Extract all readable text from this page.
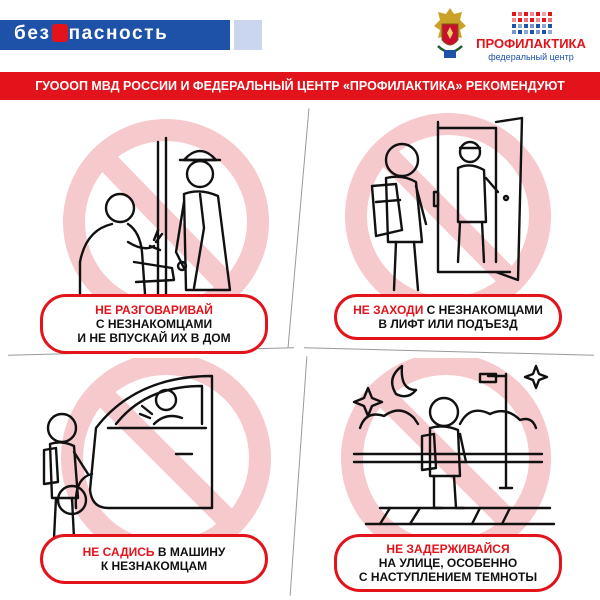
без пасность	ПРОФИЛАКТИКА
федеральный центр
ГУОООП МВД РОССИИ И ФЕДЕРАЛЬНЫЙ ЦЕНТР «ПРОФИЛАКТИКА» РЕКОМЕНДУЮТ
НЕ РАЗГОВАРИВАЙ
С НЕЗНАКОМЦАМИ
И НЕ ВПУСКАЙ ИХ В ДОМ
НЕ ЗАХОДИ С НЕЗНАКОМЦАМИ
В ЛИФТ ИЛИ ПОДЪЕЗД
НЕ САДИСЬ В МАШИНУ
К НЕЗНАКОМЦАМ
НЕ ЗАДЕРЖИВАЙСЯ
НА УЛИЦЕ, ОСОБЕННО
С НАСТУПЛЕНИЕМ ТЕМНОТЫ
